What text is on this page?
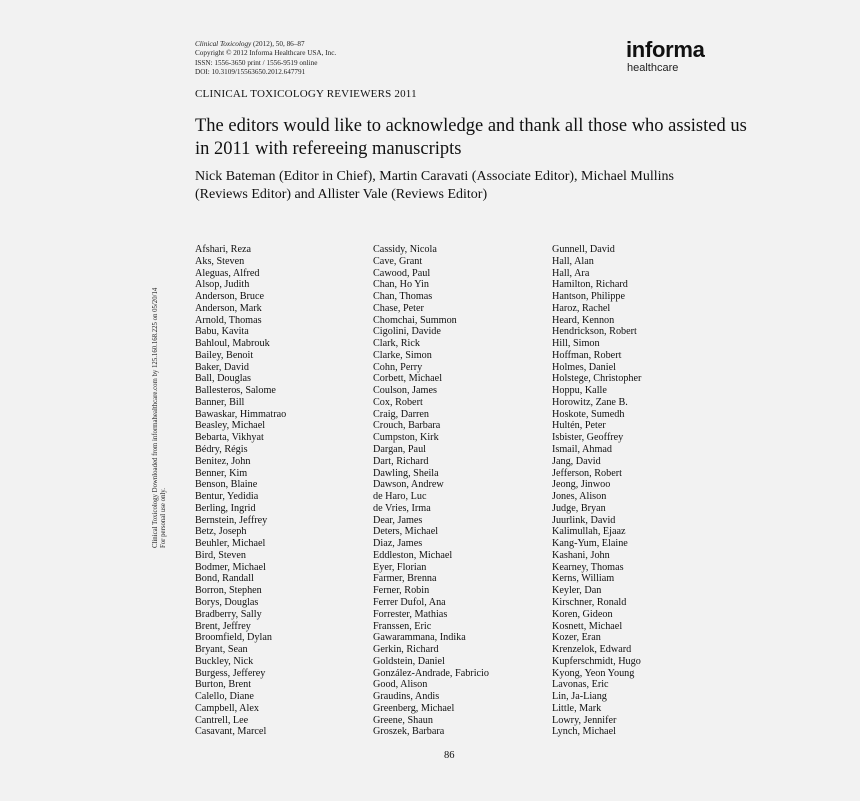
Clinical Toxicology (2012), 50, 86–87
Copyright © 2012 Informa Healthcare USA, Inc.
ISSN: 1556-3650 print / 1556-9519 online
DOI: 10.3109/15563650.2012.647791
informa
healthcare
CLINICAL TOXICOLOGY REVIEWERS 2011
The editors would like to acknowledge and thank all those who assisted us in 2011 with refereeing manuscripts
Nick Bateman (Editor in Chief), Martin Caravati (Associate Editor), Michael Mullins (Reviews Editor) and Allister Vale (Reviews Editor)
Clinical Toxicology Downloaded from informahealthcare.com by 125.160.168.225 on 05/20/14 For personal use only.
Afshari, Reza
Aks, Steven
Aleguas, Alfred
Alsop, Judith
Anderson, Bruce
Anderson, Mark
Arnold, Thomas
Babu, Kavita
Bahloul, Mabrouk
Bailey, Benoit
Baker, David
Ball, Douglas
Ballesteros, Salome
Banner, Bill
Bawaskar, Himmatrao
Beasley, Michael
Bebarta, Vikhyat
Bédry, Régis
Benitez, John
Benner, Kim
Benson, Blaine
Bentur, Yedidia
Berling, Ingrid
Bernstein, Jeffrey
Betz, Joseph
Beuhler, Michael
Bird, Steven
Bodmer, Michael
Bond, Randall
Borron, Stephen
Borys, Douglas
Bradberry, Sally
Brent, Jeffrey
Broomfield, Dylan
Bryant, Sean
Buckley, Nick
Burgess, Jefferey
Burton, Brent
Calello, Diane
Campbell, Alex
Cantrell, Lee
Casavant, Marcel
Cassidy, Nicola
Cave, Grant
Cawood, Paul
Chan, Ho Yin
Chan, Thomas
Chase, Peter
Chomchai, Summon
Cigolini, Davide
Clark, Rick
Clarke, Simon
Cohn, Perry
Corbett, Michael
Coulson, James
Cox, Robert
Craig, Darren
Crouch, Barbara
Cumpston, Kirk
Dargan, Paul
Dart, Richard
Dawling, Sheila
Dawson, Andrew
de Haro, Luc
de Vries, Irma
Dear, James
Deters, Michael
Diaz, James
Eddleston, Michael
Eyer, Florian
Farmer, Brenna
Ferner, Robin
Ferrer Dufol, Ana
Forrester, Mathias
Franssen, Eric
Gawarammana, Indika
Gerkin, Richard
Goldstein, Daniel
González-Andrade, Fabricio
Good, Alison
Graudins, Andis
Greenberg, Michael
Greene, Shaun
Groszek, Barbara
Gunnell, David
Hall, Alan
Hall, Ara
Hamilton, Richard
Hantson, Philippe
Haroz, Rachel
Heard, Kennon
Hendrickson, Robert
Hill, Simon
Hoffman, Robert
Holmes, Daniel
Holstege, Christopher
Hoppu, Kalle
Horowitz, Zane B.
Hoskote, Sumedh
Hultén, Peter
Isbister, Geoffrey
Ismail, Ahmad
Jang, David
Jefferson, Robert
Jeong, Jinwoo
Jones, Alison
Judge, Bryan
Juurlink, David
Kalimullah, Ejaaz
Kang-Yum, Elaine
Kashani, John
Kearney, Thomas
Kerns, William
Keyler, Dan
Kirschner, Ronald
Koren, Gideon
Kosnett, Michael
Kozer, Eran
Krenzelok, Edward
Kupferschmidt, Hugo
Kyong, Yeon Young
Lavonas, Eric
Lin, Ja-Liang
Little, Mark
Lowry, Jennifer
Lynch, Michael
86
